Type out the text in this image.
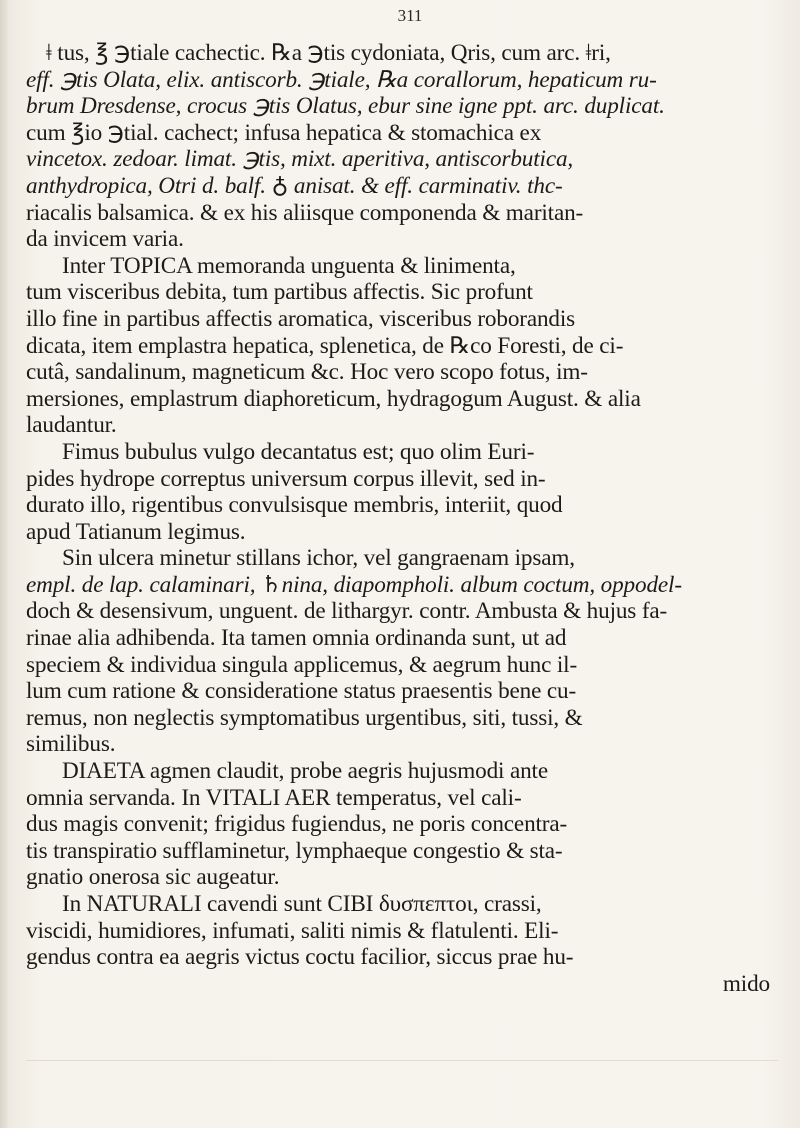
311
ǂ tus, ℥ ℈tiale cachectic. ℞a ℈tis cydoniata, Qris, cum arc. ǂri,
eff. ℈tis Olata, elix. antiscorb. ℈tiale, ℞a corallorum, hepaticum ru-
brum Dresdense, crocus ℈tis Olatus, ebur sine igne ppt. arc. duplicat.
cum ℥io ℈tial. cachect; infusa hepatica & stomachica ex
vincetox. zedoar. limat. ℈tis, mixt. aperitiva, antiscorbutica,
anthydropica, Otri d. balf. ♁ anisat. & eff. carminativ. thc-
riacalis balsamica. & ex his aliisque componenda & maritan-
da invicem varia.
Inter TOPICA memoranda unguenta & linimenta,
tum visceribus debita, tum partibus affectis. Sic profunt
illo fine in partibus affectis aromatica, visceribus roborandis
dicata, item emplastra hepatica, splenetica, de ℞co Foresti, de ci-
cutâ, sandalinum, magneticum &c. Hoc vero scopo fotus, im-
mersiones, emplastrum diaphoreticum, hydragogum August. & alia
laudantur.
Fimus bubulus vulgo decantatus est; quo olim Euri-
pides hydrope correptus universum corpus illevit, sed in-
durato illo, rigentibus convulsisque membris, interiit, quod
apud Tatianum legimus.
Sin ulcera minetur stillans ichor, vel gangraenam ipsam,
empl. de lap. calaminari, ♄nina, diapompholi. album coctum, oppodel-
doch & desensivum, unguent. de lithargyr. contr. Ambusta & hujus fa-
rinae alia adhibenda. Ita tamen omnia ordinanda sunt, ut ad
speciem & individua singula applicemus, & aegrum hunc il-
lum cum ratione & consideratione status praesentis bene cu-
remus, non neglectis symptomatibus urgentibus, siti, tussi, &
similibus.
DIAETA agmen claudit, probe aegris hujusmodi ante
omnia servanda. In VITALI AER temperatus, vel cali-
dus magis convenit; frigidus fugiendus, ne poris concentra-
tis transpiratio sufflaminetur, lymphaeque congestio & sta-
gnatio onerosa sic augeatur.
In NATURALI cavendi sunt CIBI δυσπεπτοι, crassi,
viscidi, humidiores, infumati, saliti nimis & flatulenti. Eli-
gendus contra ea aegris victus coctu facilior, siccus prae hu-
mido
